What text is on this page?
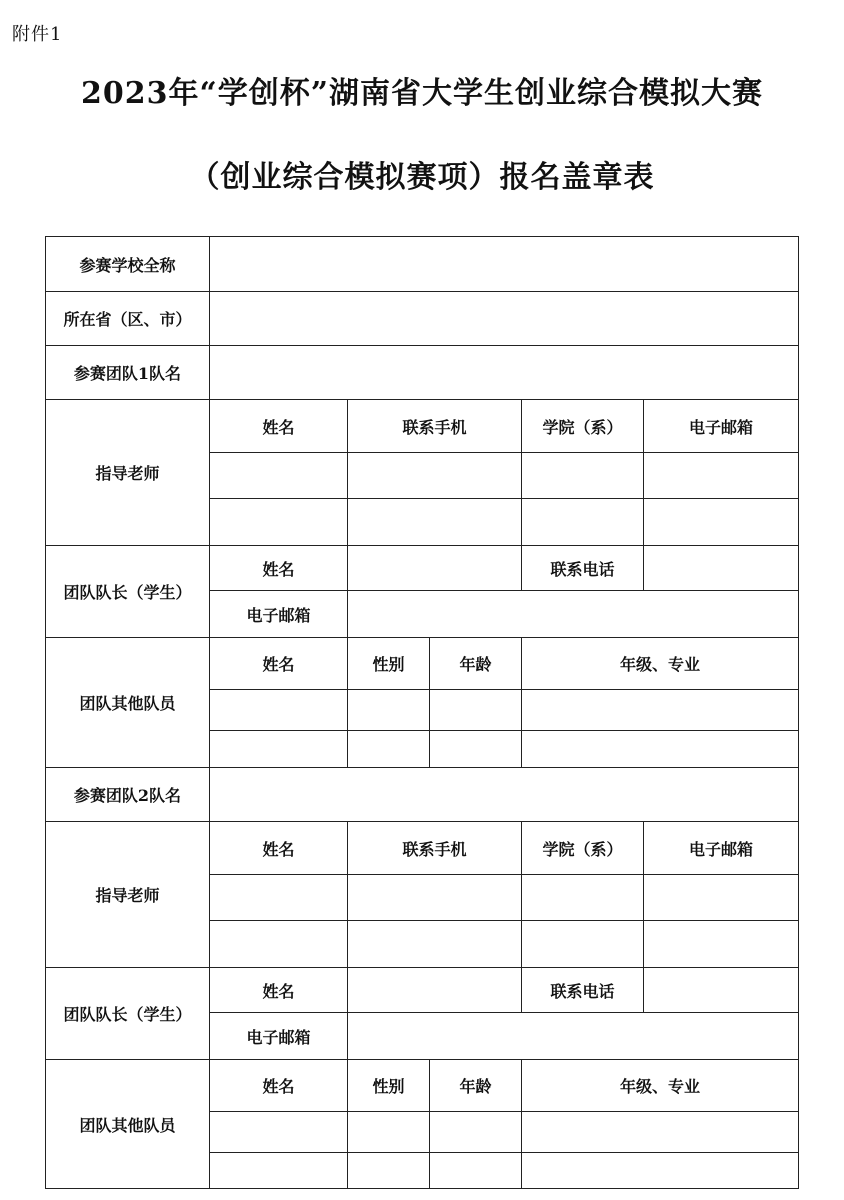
附件1
2023年“学创杯”湖南省大学生创业综合模拟大赛
（创业综合模拟赛项）报名盖章表
参赛学校全称					
所在省（区、市）					
参赛团队1队名					
指导老师	姓名	联系手机		学院（系）	电子邮箱

团队队长（学生）	姓名			联系电话	
	电子邮箱				
团队其他队员	姓名	性别	年龄	年级、专业	

参赛团队2队名					
指导老师	姓名	联系手机		学院（系）	电子邮箱

团队队长（学生）	姓名			联系电话	
	电子邮箱				
团队其他队员	姓名	性别	年龄	年级、专业	
